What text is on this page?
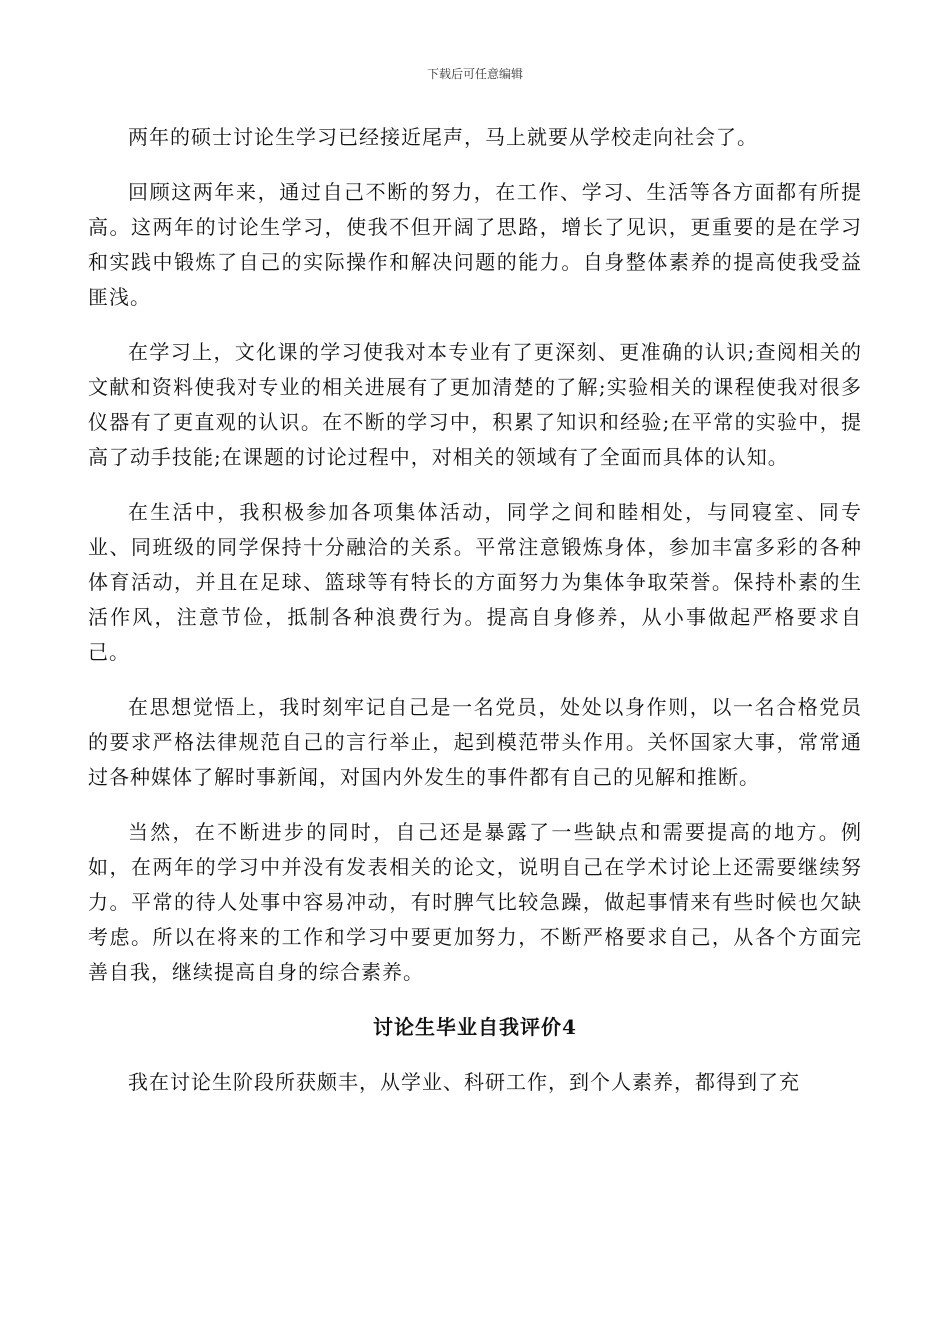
下载后可任意编辑

两年的硕士讨论生学习已经接近尾声，马上就要从学校走向社会了。

回顾这两年来，通过自己不断的努力，在工作、学习、生活等各方面都有所提高。这两年的讨论生学习，使我不但开阔了思路，增长了见识，更重要的是在学习和实践中锻炼了自己的实际操作和解决问题的能力。自身整体素养的提高使我受益匪浅。

在学习上，文化课的学习使我对本专业有了更深刻、更准确的认识;查阅相关的文献和资料使我对专业的相关进展有了更加清楚的了解;实验相关的课程使我对很多仪器有了更直观的认识。在不断的学习中，积累了知识和经验;在平常的实验中，提高了动手技能;在课题的讨论过程中，对相关的领域有了全面而具体的认知。

在生活中，我积极参加各项集体活动，同学之间和睦相处，与同寝室、同专业、同班级的同学保持十分融洽的关系。平常注意锻炼身体，参加丰富多彩的各种体育活动，并且在足球、篮球等有特长的方面努力为集体争取荣誉。保持朴素的生活作风，注意节俭，抵制各种浪费行为。提高自身修养，从小事做起严格要求自己。

在思想觉悟上，我时刻牢记自己是一名党员，处处以身作则，以一名合格党员的要求严格法律规范自己的言行举止，起到模范带头作用。关怀国家大事，常常通过各种媒体了解时事新闻，对国内外发生的事件都有自己的见解和推断。

当然，在不断进步的同时，自己还是暴露了一些缺点和需要提高的地方。例如，在两年的学习中并没有发表相关的论文，说明自己在学术讨论上还需要继续努力。平常的待人处事中容易冲动，有时脾气比较急躁，做起事情来有些时候也欠缺考虑。所以在将来的工作和学习中要更加努力，不断严格要求自己，从各个方面完善自我，继续提高自身的综合素养。

讨论生毕业自我评价4

我在讨论生阶段所获颇丰，从学业、科研工作，到个人素养，都得到了充
